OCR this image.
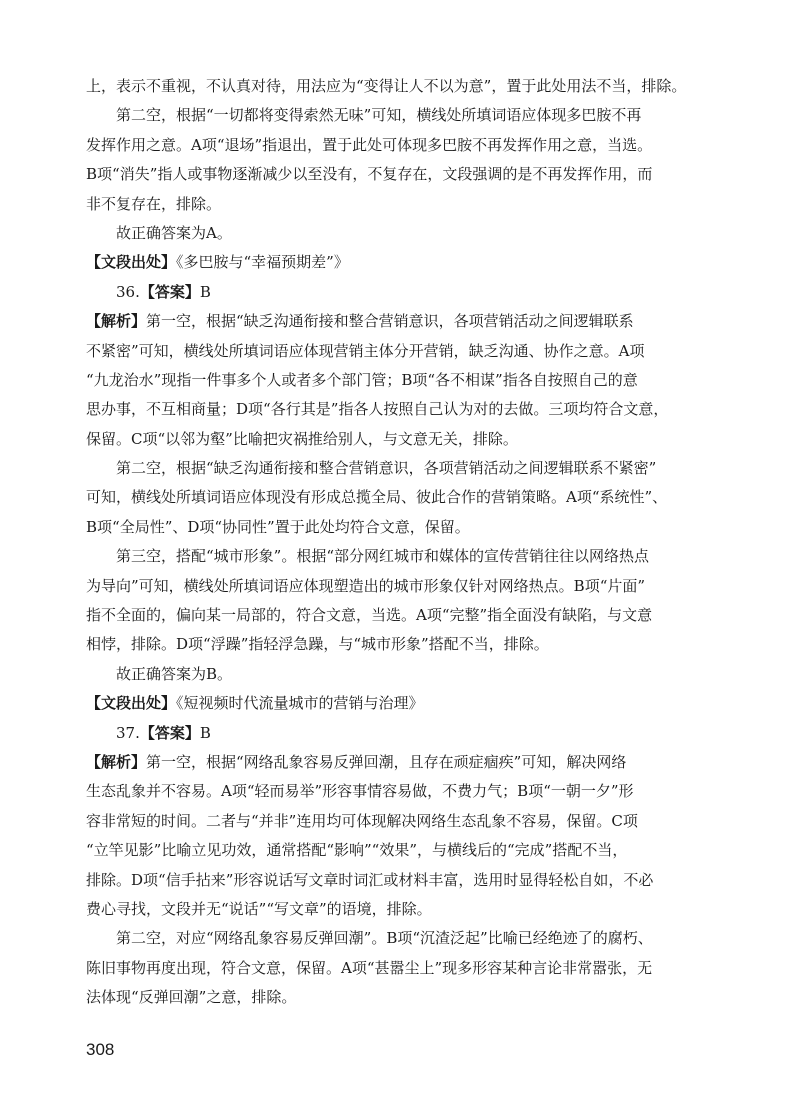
上，表示不重视，不认真对待，用法应为“变得让人不以为意”，置于此处用法不当，排除。
第二空，根据“一切都将变得索然无味”可知，横线处所填词语应体现多巴胺不再
发挥作用之意。A项“退场”指退出，置于此处可体现多巴胺不再发挥作用之意，当选。
B项“消失”指人或事物逐渐减少以至没有，不复存在，文段强调的是不再发挥作用，而
非不复存在，排除。
故正确答案为A。
【文段出处】《多巴胺与“幸福预期差”》
36.【答案】B
【解析】第一空，根据“缺乏沟通衔接和整合营销意识，各项营销活动之间逻辑联系
不紧密”可知，横线处所填词语应体现营销主体分开营销，缺乏沟通、协作之意。A项
“九龙治水”现指一件事多个人或者多个部门管；B项“各不相谋”指各自按照自己的意
思办事，不互相商量；D项“各行其是”指各人按照自己认为对的去做。三项均符合文意，
保留。C项“以邻为壑”比喻把灾祸推给别人，与文意无关，排除。
第二空，根据“缺乏沟通衔接和整合营销意识，各项营销活动之间逻辑联系不紧密”
可知，横线处所填词语应体现没有形成总揽全局、彼此合作的营销策略。A项“系统性”、
B项“全局性”、D项“协同性”置于此处均符合文意，保留。
第三空，搭配“城市形象”。根据“部分网红城市和媒体的宣传营销往往以网络热点
为导向”可知，横线处所填词语应体现塑造出的城市形象仅针对网络热点。B项“片面”
指不全面的，偏向某一局部的，符合文意，当选。A项“完整”指全面没有缺陷，与文意
相悖，排除。D项“浮躁”指轻浮急躁，与“城市形象”搭配不当，排除。
故正确答案为B。
【文段出处】《短视频时代流量城市的营销与治理》
37.【答案】B
【解析】第一空，根据“网络乱象容易反弹回潮，且存在顽症痼疾”可知，解决网络
生态乱象并不容易。A项“轻而易举”形容事情容易做，不费力气；B项“一朝一夕”形
容非常短的时间。二者与“并非”连用均可体现解决网络生态乱象不容易，保留。C项
“立竿见影”比喻立见功效，通常搭配“影响”“效果”，与横线后的“完成”搭配不当，
排除。D项“信手拈来”形容说话写文章时词汇或材料丰富，选用时显得轻松自如，不必
费心寻找，文段并无“说话”“写文章”的语境，排除。
第二空，对应“网络乱象容易反弹回潮”。B项“沉渣泛起”比喻已经绝迹了的腐朽、
陈旧事物再度出现，符合文意，保留。A项“甚嚣尘上”现多形容某种言论非常嚣张，无
法体现“反弹回潮”之意，排除。
308
